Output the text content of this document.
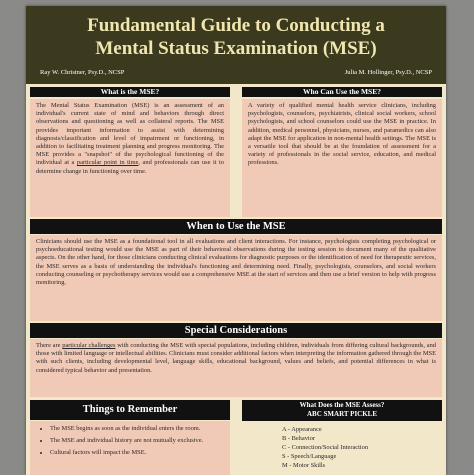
Fundamental Guide to Conducting a
Mental Status Examination (MSE)
Ray W. Christner, Psy.D., NCSP	Julia M. Hollinger, Psy.D., NCSP
What is the MSE?
The Mental Status Examination (MSE) is an assessment of an individual's current state of mind and behaviors through direct observations and questioning as well as collateral reports. The MSE provides important information to assist with determining diagnosis/classification and level of impairment or functioning, in addition to facilitating treatment planning and progress monitoring. The MSE provides a "snapshot" of the psychological functioning of the individual at a particular point in time, and professionals can use it to determine change in functioning over time.
Who Can Use the MSE?
A variety of qualified mental health service clinicians, including psychologists, counselors, psychiatrists, clinical social workers, school psychologists, and school counselors could use the MSE in practice. In addition, medical personnel, physicians, nurses, and paramedics can also adapt the MSE for application in non-mental health settings. The MSE is a versatile tool that should be at the foundation of assessment for a variety of professionals in the social service, education, and medical professions.
When to Use the MSE
Clinicians should use the MSE as a foundational tool in all evaluations and client interactions. For instance, psychologists completing psychological or psychoeducational testing would use the MSE as part of their behavioral observations during the testing session to document many of the qualitative aspects. On the other hand, for those clinicians conducting clinical evaluations for diagnostic purposes or the identification of need for therapeutic services, the MSE serves as a basis of understanding the individual's functioning and determining need. Finally, psychologists, counselors, and social workers conducting counseling or psychotherapy services would use a comprehensive MSE at the start of services and then use a brief version to help with progress monitoring.
Special Considerations
There are particular challenges with conducting the MSE with special populations, including children, individuals from differing cultural backgrounds, and those with limited language or intellectual abilities. Clinicians must consider additional factors when interpreting the information gathered through the MSE with such clients, including developmental level, language skills, educational background, values and beliefs, and potential differences in what is considered typical behavior and presentation.
Things to Remember
• The MSE begins as soon as the individual enters the room.
• The MSE and individual history are not mutually exclusive.
• Cultural factors will impact the MSE.
What Does the MSE Assess?
ABC SMART PICKLE
A - Appearance
B - Behavior
C - Connection/Social Interaction
S - Speech/Language
M - Motor Skills
